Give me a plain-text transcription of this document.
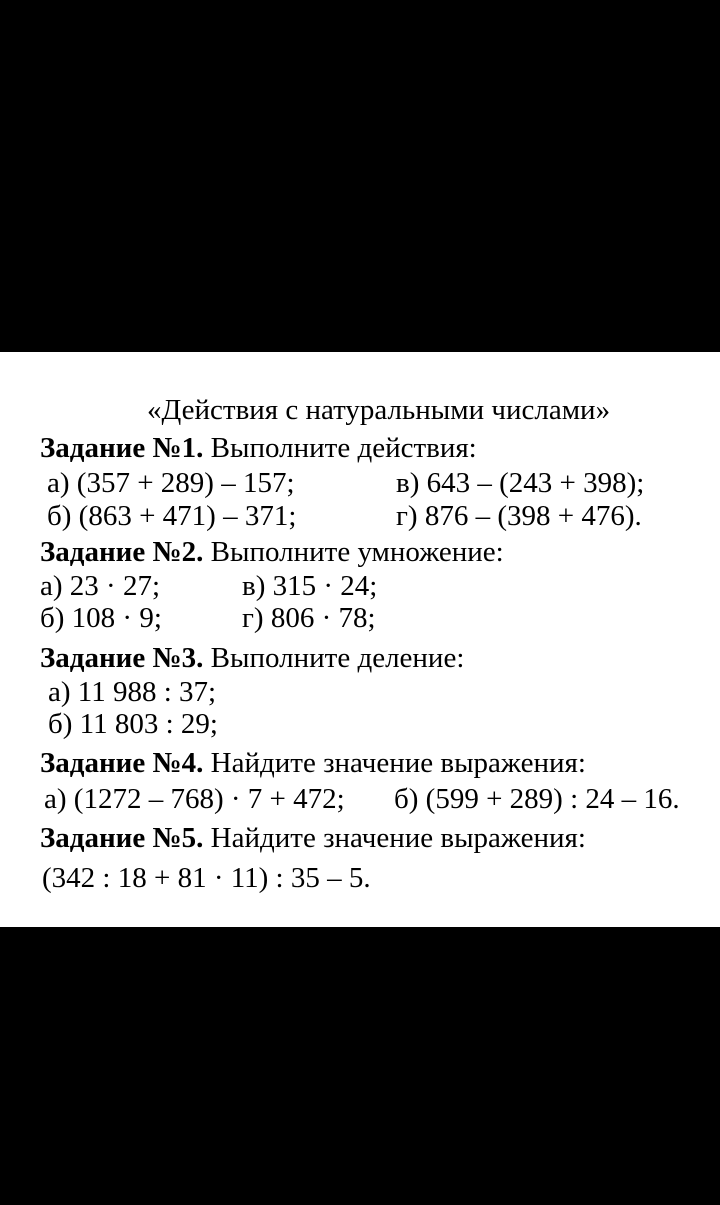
«Действия с натуральными числами»
Задание №1. Выполните действия:
а) (357 + 289) – 157;
б) (863 + 471) – 371;
в) 643 – (243 + 398);
г) 876 – (398 + 476).
Задание №2. Выполните умножение:
а) 23 · 27;
б) 108 · 9;
в) 315 · 24;
г) 806 · 78;
Задание №3. Выполните деление:
а) 11 988 : 37;
б) 11 803 : 29;
Задание №4. Найдите значение выражения:
а) (1272 – 768) · 7 + 472; б) (599 + 289) : 24 – 16.
Задание №5. Найдите значение выражения:
(342 : 18 + 81 · 11) : 35 – 5.
